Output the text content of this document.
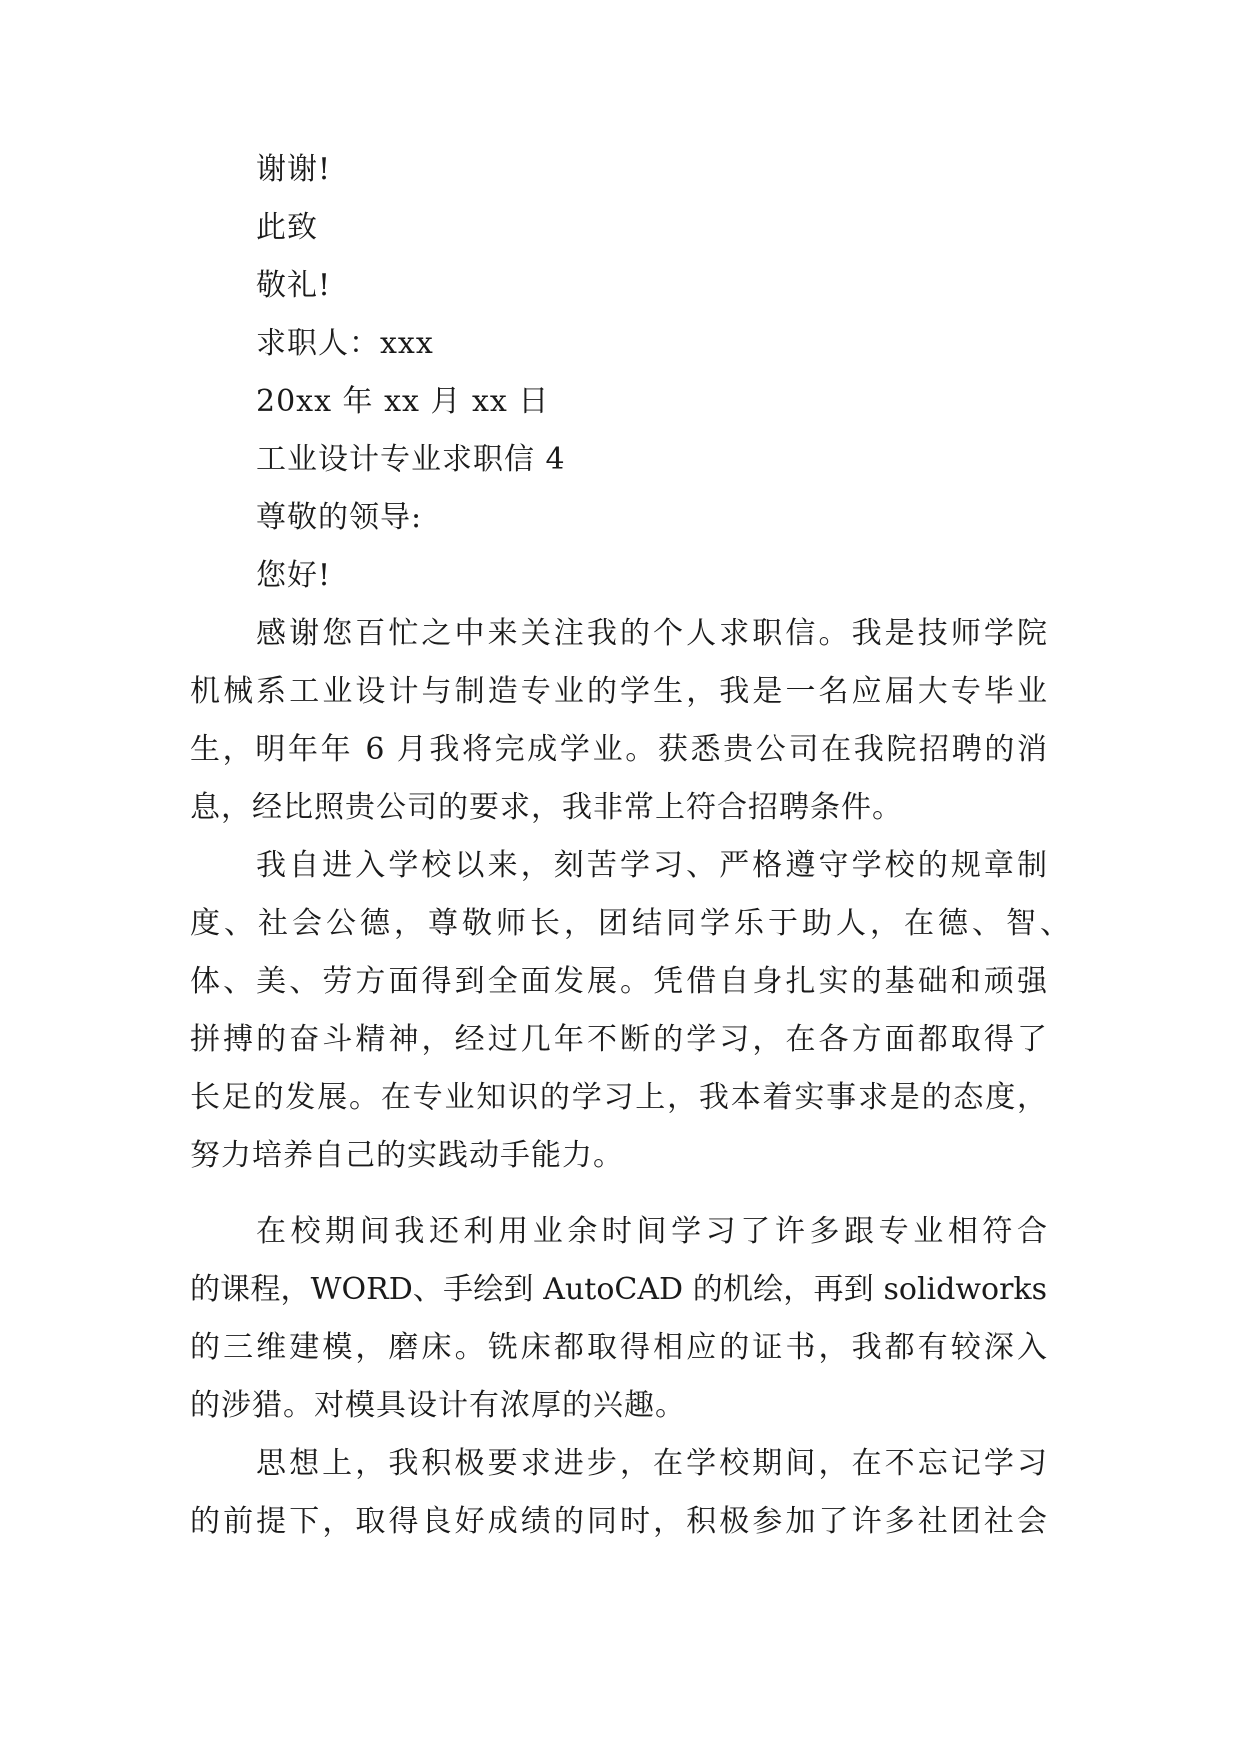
谢谢!
此致
敬礼!
求职人：xxx
20xx 年 xx 月 xx 日
工业设计专业求职信 4
尊敬的领导:
您好!
感谢您百忙之中来关注我的个人求职信。我是技师学院
机械系工业设计与制造专业的学生，我是一名应届大专毕业
生，明年年 6 月我将完成学业。获悉贵公司在我院招聘的消
息，经比照贵公司的要求，我非常上符合招聘条件。
我自进入学校以来，刻苦学习、严格遵守学校的规章制
度、社会公德，尊敬师长，团结同学乐于助人，在德、智、
体、美、劳方面得到全面发展。凭借自身扎实的基础和顽强
拼搏的奋斗精神，经过几年不断的学习，在各方面都取得了
长足的发展。在专业知识的学习上，我本着实事求是的态度，
努力培养自己的实践动手能力。
在校期间我还利用业余时间学习了许多跟专业相符合
的课程，WORD、手绘到 AutoCAD 的机绘，再到 solidworks
的三维建模，磨床。铣床都取得相应的证书，我都有较深入
的涉猎。对模具设计有浓厚的兴趣。
思想上，我积极要求进步，在学校期间，在不忘记学习
的前提下，取得良好成绩的同时，积极参加了许多社团社会
